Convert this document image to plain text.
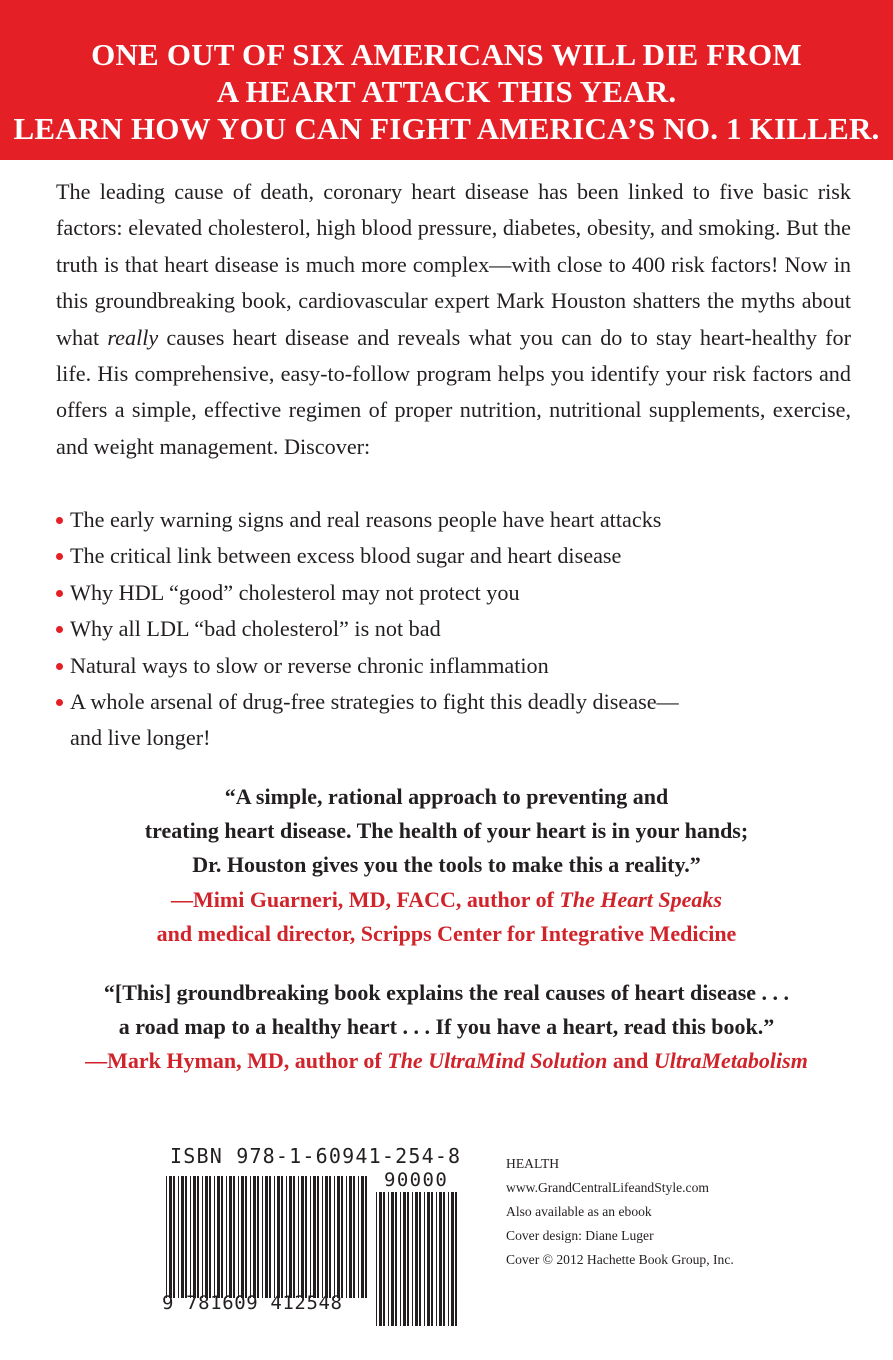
ONE OUT OF SIX AMERICANS WILL DIE FROM
A HEART ATTACK THIS YEAR.
LEARN HOW YOU CAN FIGHT AMERICA’S NO. 1 KILLER.
The leading cause of death, coronary heart disease has been linked to five basic risk factors: elevated cholesterol, high blood pressure, diabetes, obesity, and smoking. But the truth is that heart disease is much more complex—with close to 400 risk factors! Now in this groundbreaking book, cardiovascular expert Mark Houston shatters the myths about what really causes heart disease and reveals what you can do to stay heart-healthy for life. His comprehensive, easy-to-follow program helps you identify your risk factors and offers a simple, effective regimen of proper nutrition, nutritional supplements, exercise, and weight management. Discover:
The early warning signs and real reasons people have heart attacks
The critical link between excess blood sugar and heart disease
Why HDL “good” cholesterol may not protect you
Why all LDL “bad cholesterol” is not bad
Natural ways to slow or reverse chronic inflammation
A whole arsenal of drug-free strategies to fight this deadly disease—
and live longer!
“A simple, rational approach to preventing and
treating heart disease. The health of your heart is in your hands;
Dr. Houston gives you the tools to make this a reality.”
—Mimi Guarneri, MD, FACC, author of The Heart Speaks
and medical director, Scripps Center for Integrative Medicine
“[This] groundbreaking book explains the real causes of heart disease . . .
a road map to a healthy heart . . . If you have a heart, read this book.”
—Mark Hyman, MD, author of The UltraMind Solution and UltraMetabolism
ISBN 978-1-60941-254-8
90000
9 781609 412548
HEALTH
www.GrandCentralLifeandStyle.com
Also available as an ebook
Cover design: Diane Luger
Cover © 2012 Hachette Book Group, Inc.
